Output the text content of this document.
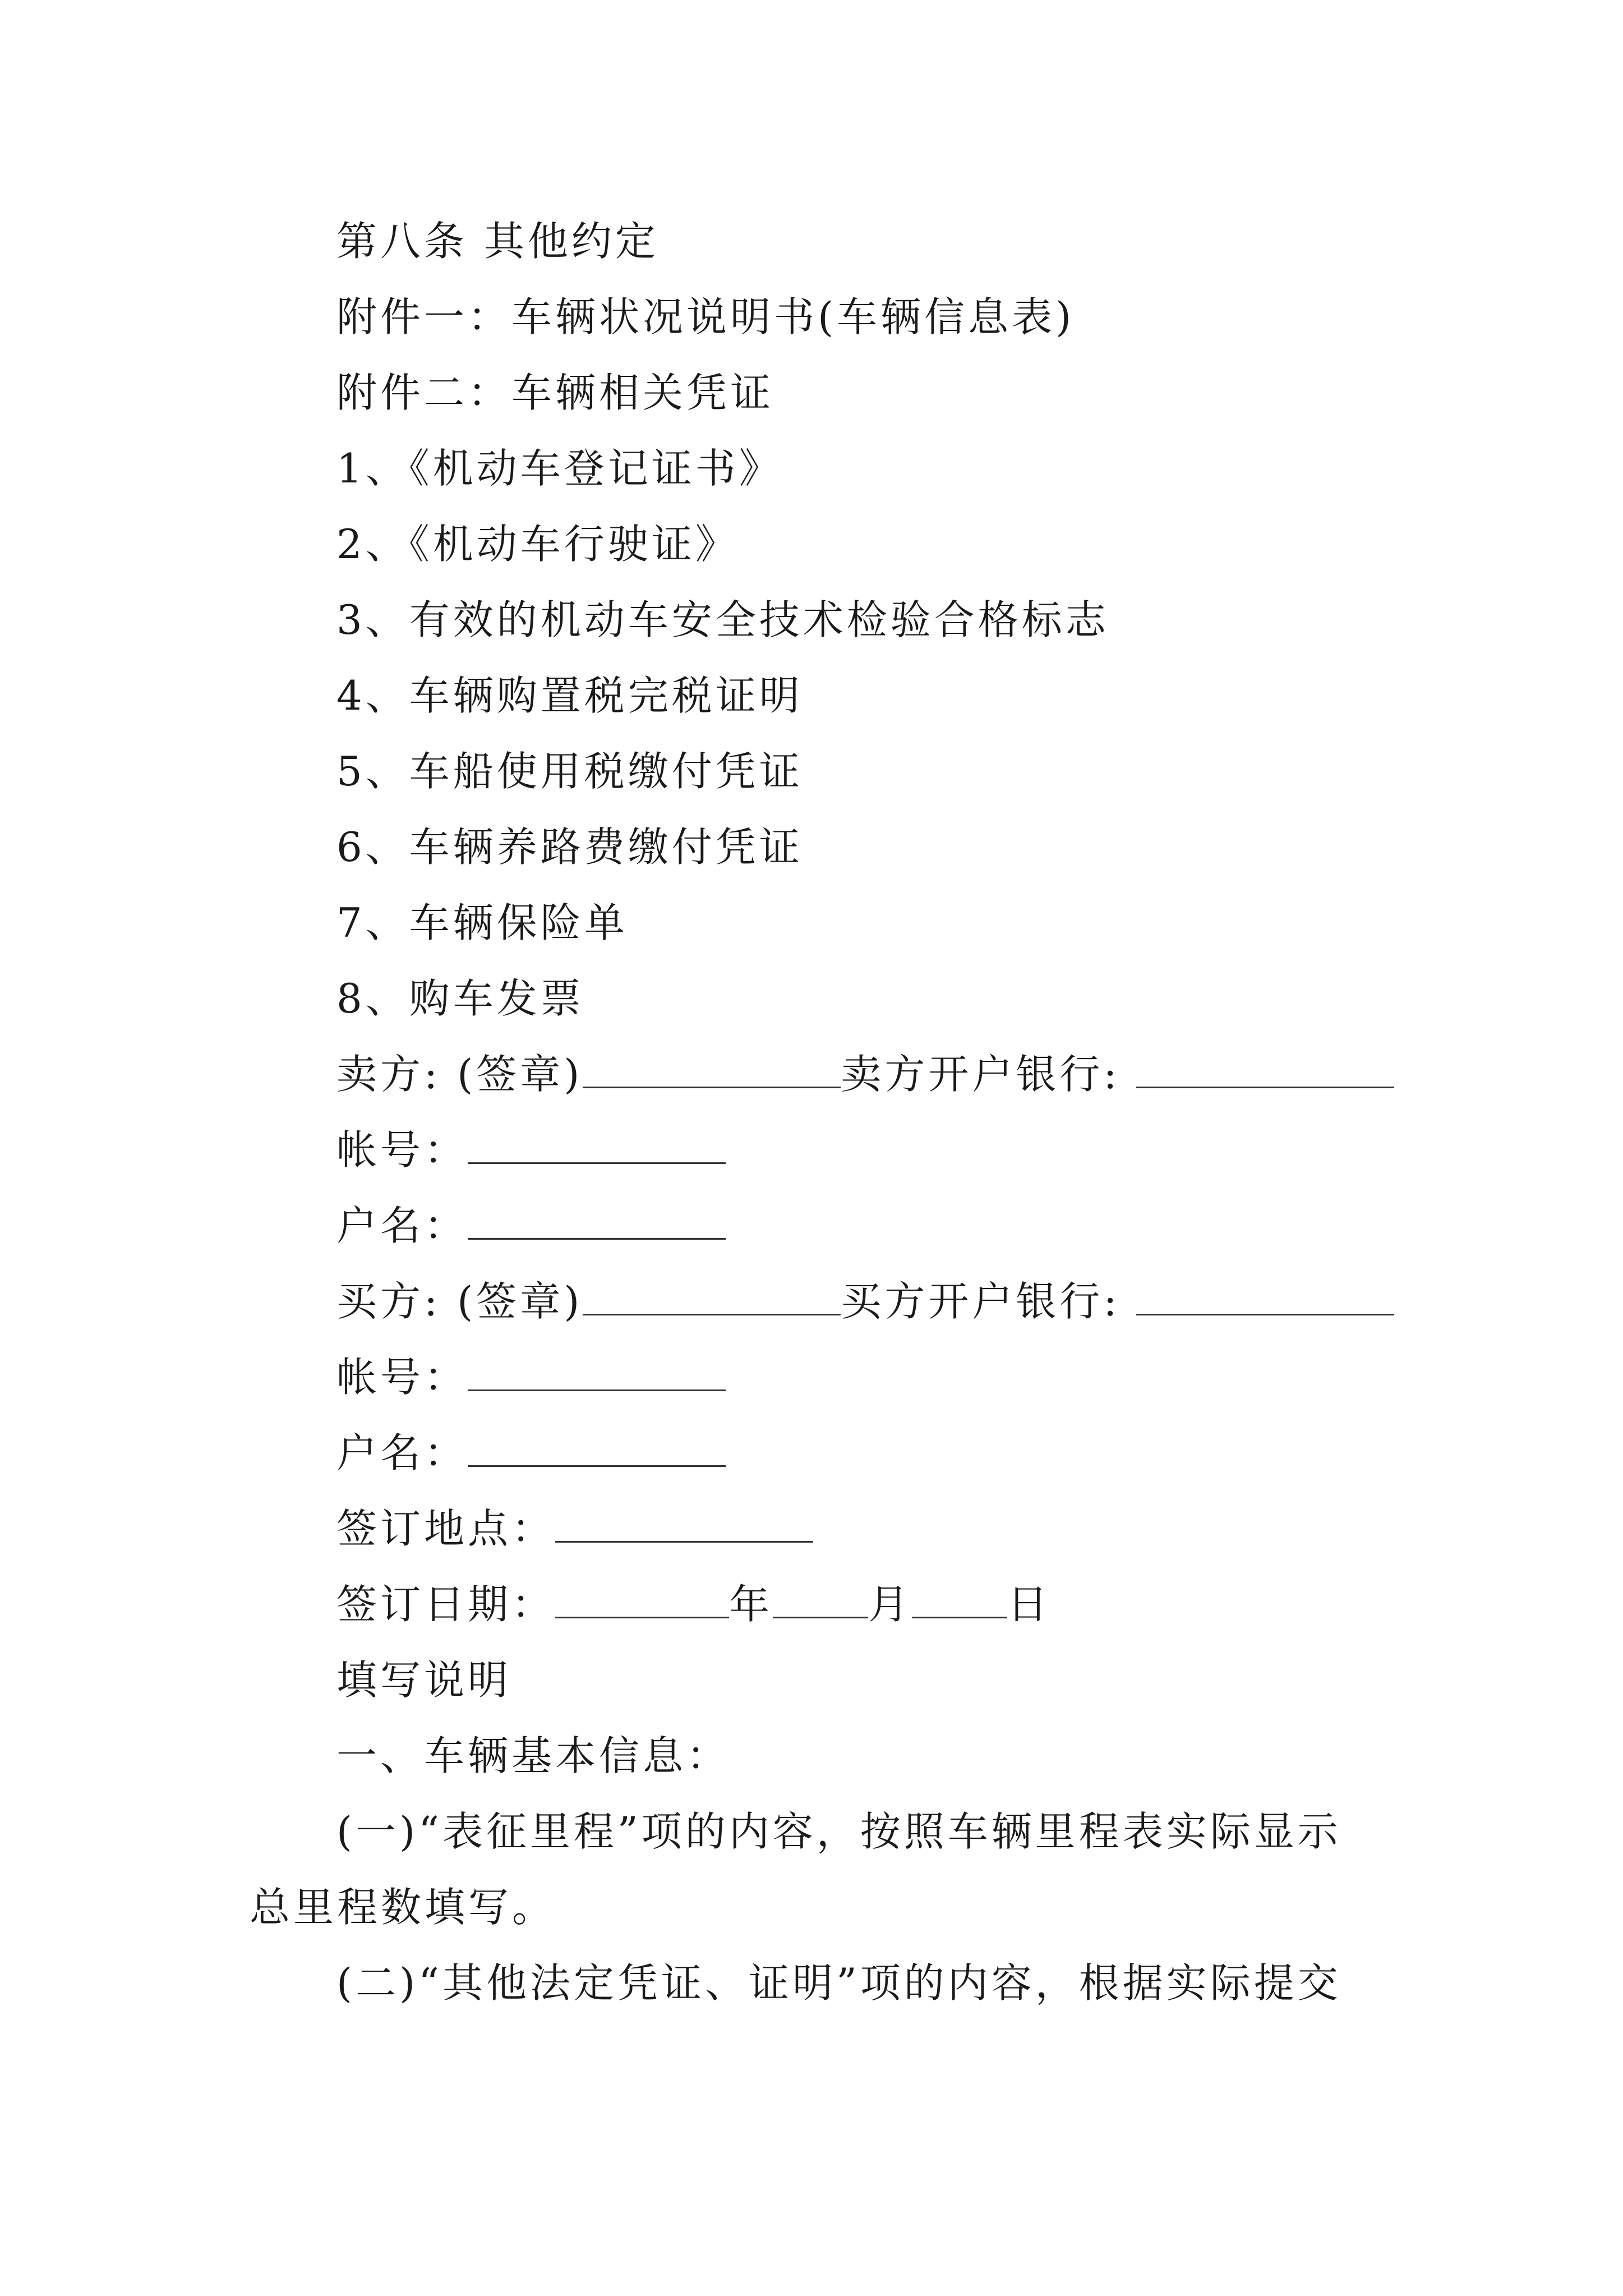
第八条 其他约定
附件一：车辆状况说明书(车辆信息表)
附件二：车辆相关凭证
1、《机动车登记证书》
2、《机动车行驶证》
3、有效的机动车安全技术检验合格标志
4、车辆购置税完税证明
5、车船使用税缴付凭证
6、车辆养路费缴付凭证
7、车辆保险单
8、购车发票
卖方: (签章)	卖方开户银行:
帐号：
户名：
买方: (签章)	买方开户银行:
帐号：
户名：
签订地点：
签订日期：	年 月 日
填写说明
一、车辆基本信息：
(一)“表征里程”项的内容，按照车辆里程表实际显示
总里程数填写。
(二)“其他法定凭证、证明”项的内容，根据实际提交
